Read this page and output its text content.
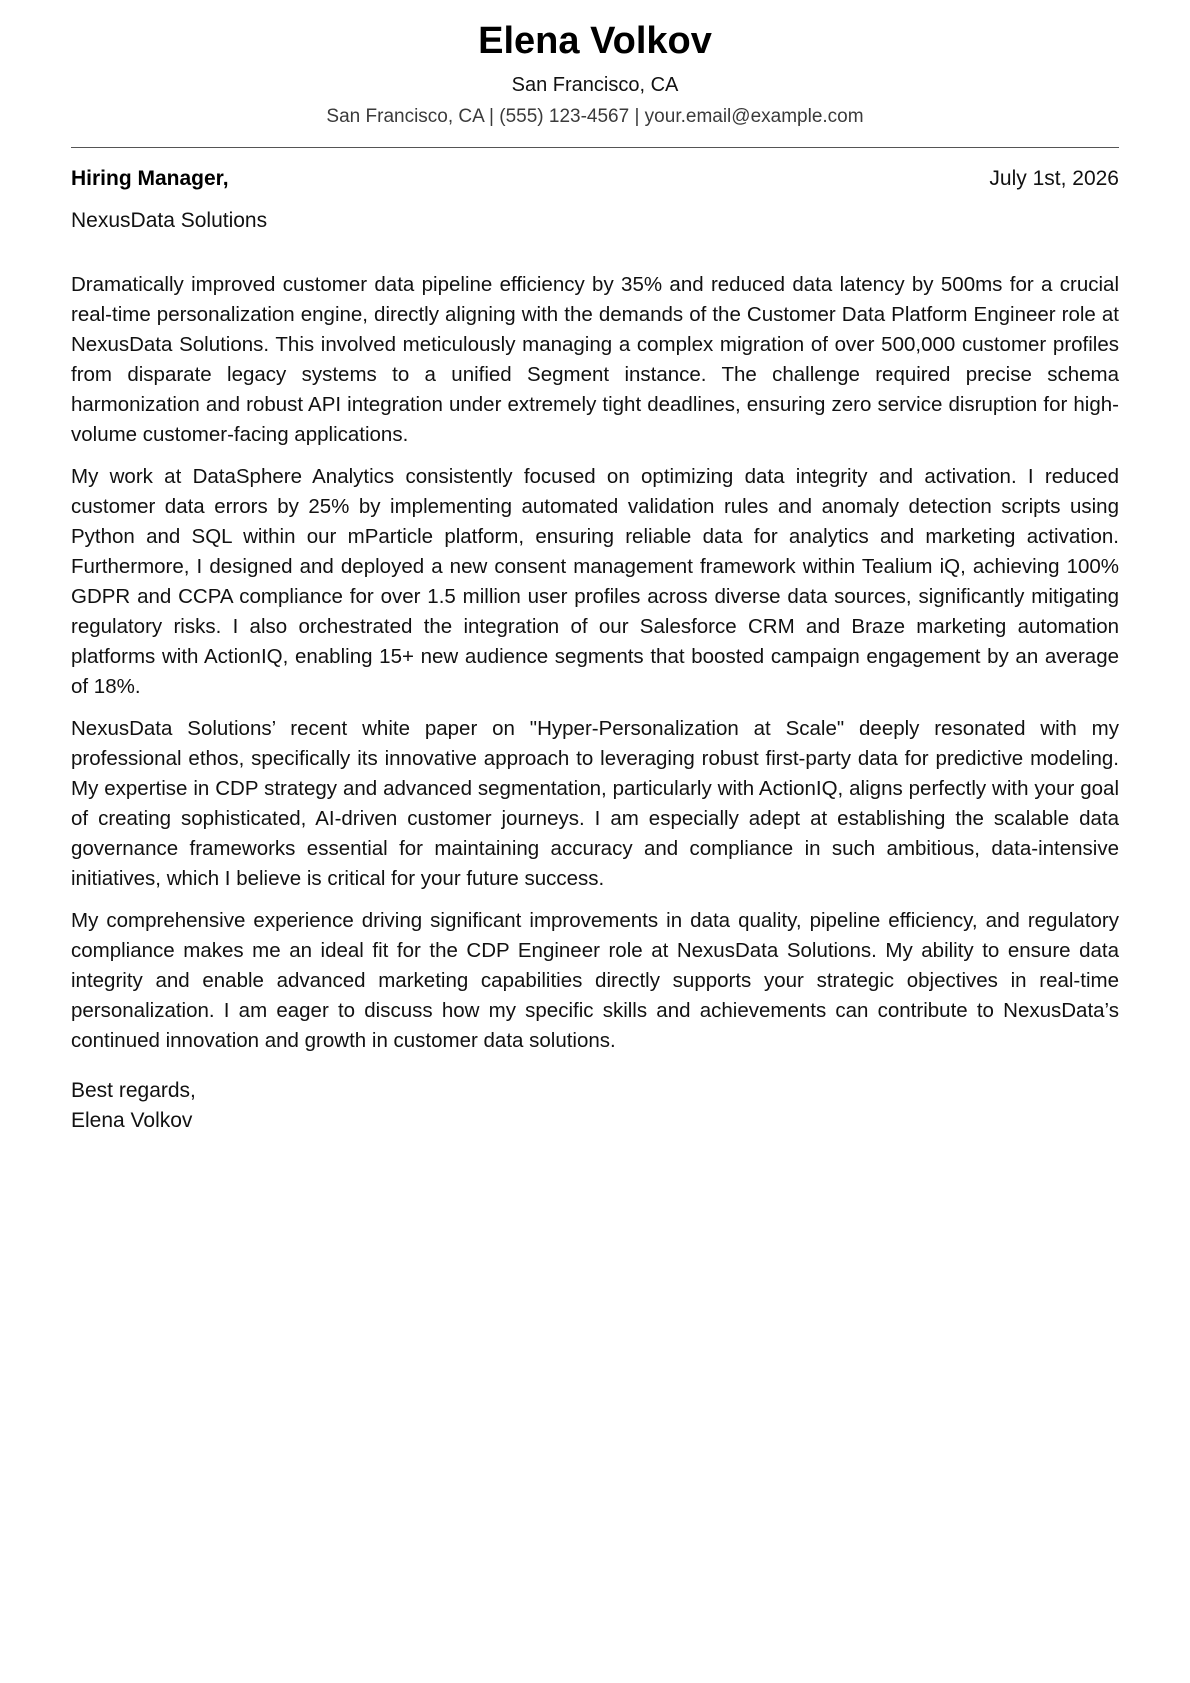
Elena Volkov
San Francisco, CA
San Francisco, CA | (555) 123-4567 | your.email@example.com
Hiring Manager,	July 1st, 2026
NexusData Solutions

Dramatically improved customer data pipeline efficiency by 35% and reduced data latency by 500ms for a crucial real-time personalization engine, directly aligning with the demands of the Customer Data Platform Engineer role at NexusData Solutions. This involved meticulously managing a complex migration of over 500,000 customer profiles from disparate legacy systems to a unified Segment instance. The challenge required precise schema harmonization and robust API integration under extremely tight deadlines, ensuring zero service disruption for high-volume customer-facing applications.

My work at DataSphere Analytics consistently focused on optimizing data integrity and activation. I reduced customer data errors by 25% by implementing automated validation rules and anomaly detection scripts using Python and SQL within our mParticle platform, ensuring reliable data for analytics and marketing activation. Furthermore, I designed and deployed a new consent management framework within Tealium iQ, achieving 100% GDPR and CCPA compliance for over 1.5 million user profiles across diverse data sources, significantly mitigating regulatory risks. I also orchestrated the integration of our Salesforce CRM and Braze marketing automation platforms with ActionIQ, enabling 15+ new audience segments that boosted campaign engagement by an average of 18%.

NexusData Solutions’ recent white paper on "Hyper-Personalization at Scale" deeply resonated with my professional ethos, specifically its innovative approach to leveraging robust first-party data for predictive modeling. My expertise in CDP strategy and advanced segmentation, particularly with ActionIQ, aligns perfectly with your goal of creating sophisticated, AI-driven customer journeys. I am especially adept at establishing the scalable data governance frameworks essential for maintaining accuracy and compliance in such ambitious, data-intensive initiatives, which I believe is critical for your future success.

My comprehensive experience driving significant improvements in data quality, pipeline efficiency, and regulatory compliance makes me an ideal fit for the CDP Engineer role at NexusData Solutions. My ability to ensure data integrity and enable advanced marketing capabilities directly supports your strategic objectives in real-time personalization. I am eager to discuss how my specific skills and achievements can contribute to NexusData’s continued innovation and growth in customer data solutions.

Best regards,
Elena Volkov
